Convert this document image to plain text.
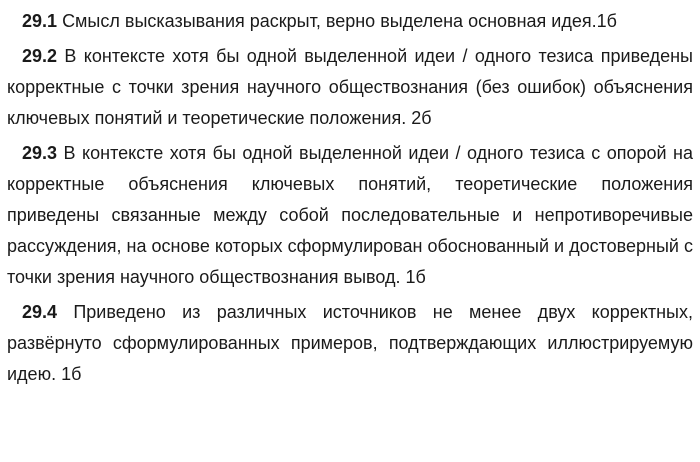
29.1 Смысл высказывания раскрыт, верно выделена основная идея.1б

29.2 В контексте хотя бы одной выделенной идеи / одного тезиса приведены корректные с точки зрения научного обществознания (без ошибок) объяснения ключевых понятий и теоретические положения. 2б

29.3 В контексте хотя бы одной выделенной идеи / одного тезиса с опорой на корректные объяснения ключевых понятий, теоретические положения приведены связанные между собой последовательные и непротиворечивые рассуждения, на основе которых сформулирован обоснованный и достоверный с точки зрения научного обществознания вывод. 1б

29.4 Приведено из различных источников не менее двух корректных, развёрнуто сформулированных примеров, подтверждающих иллюстрируемую идею. 1б
